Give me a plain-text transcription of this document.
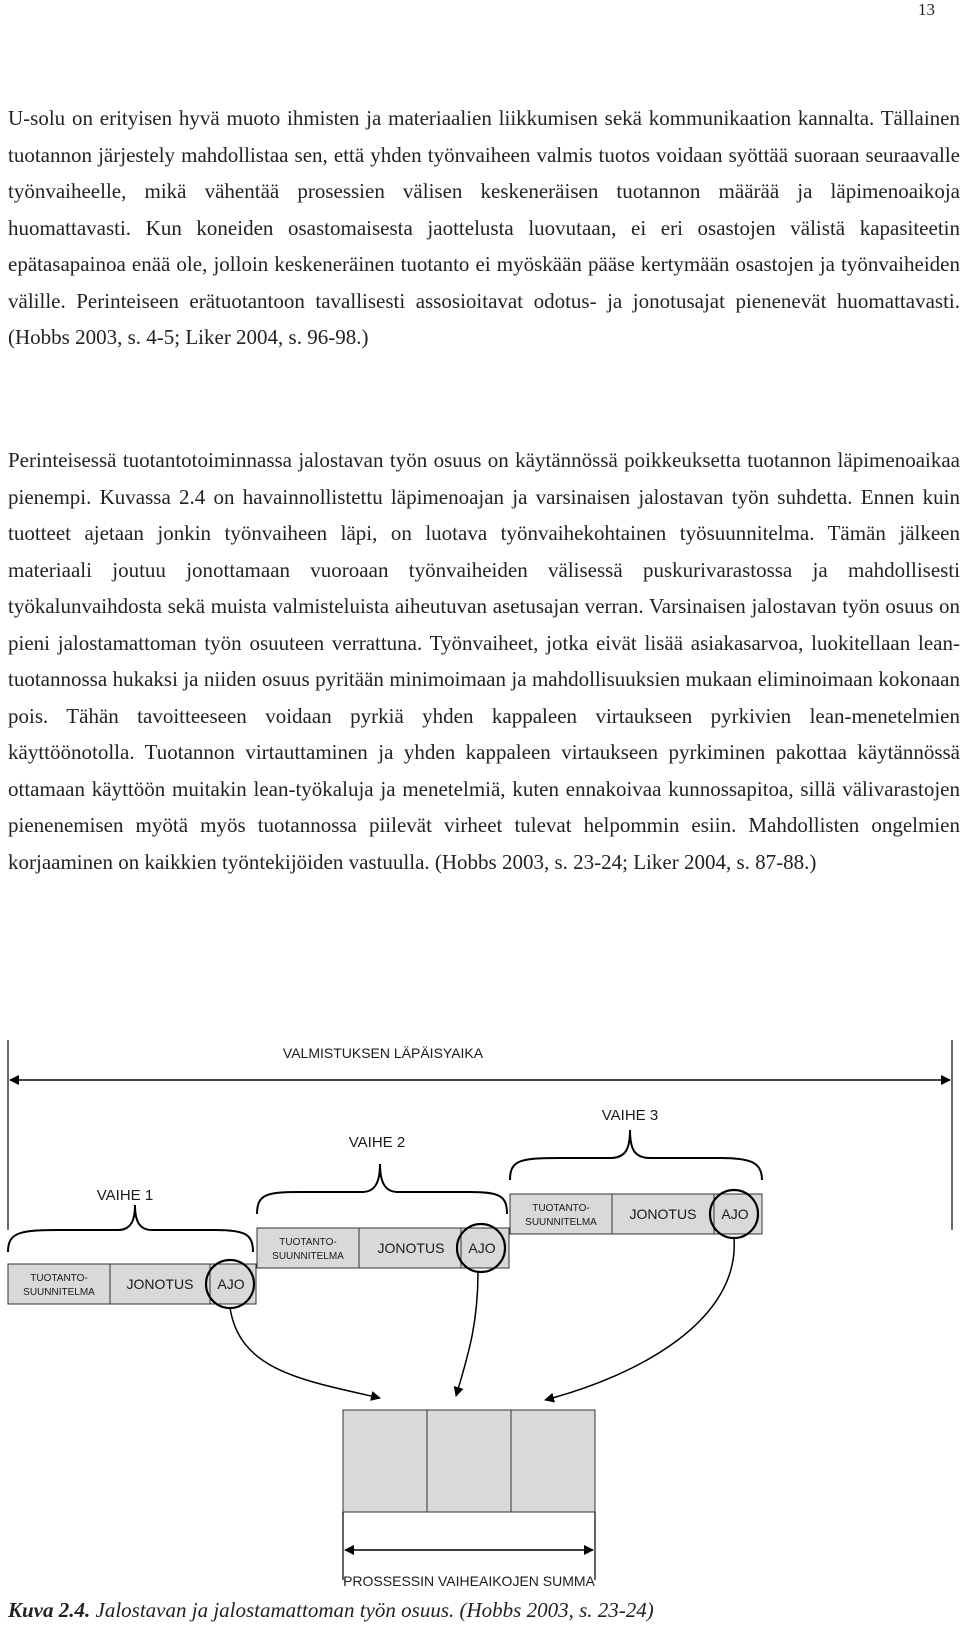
13

U-solu on erityisen hyvä muoto ihmisten ja materiaalien liikkumisen sekä kommunikaation kannalta. Tällainen tuotannon järjestely mahdollistaa sen, että yhden työnvaiheen valmis tuotos voidaan syöttää suoraan seuraavalle työnvaiheelle, mikä vähentää prosessien välisen keskeneräisen tuotannon määrää ja läpimenoaikoja huomattavasti. Kun koneiden osastomaisesta jaottelusta luovutaan, ei eri osastojen välistä kapasiteetin epätasapainoa enää ole, jolloin keskeneräinen tuotanto ei myöskään pääse kertymään osastojen ja työnvaiheiden välille. Perinteiseen erätuotantoon tavallisesti assosioitavat odotus- ja jonotusajat pienenevät huomattavasti. (Hobbs 2003, s. 4-5; Liker 2004, s. 96-98.)

Perinteisessä tuotantotoiminnassa jalostavan työn osuus on käytännössä poikkeuksetta tuotannon läpimenoaikaa pienempi. Kuvassa 2.4 on havainnollistettu läpimenoajan ja varsinaisen jalostavan työn suhdetta. Ennen kuin tuotteet ajetaan jonkin työnvaiheen läpi, on luotava työnvaihekohtainen työsuunnitelma. Tämän jälkeen materiaali joutuu jonottamaan vuoroaan työnvaiheiden välisessä puskurivarastossa ja mahdollisesti työkalunvaihdosta sekä muista valmisteluista aiheutuvan asetusajan verran. Varsinaisen jalostavan työn osuus on pieni jalostamattoman työn osuuteen verrattuna. Työnvaiheet, jotka eivät lisää asiakasarvoa, luokitellaan lean-tuotannossa hukaksi ja niiden osuus pyritään minimoimaan ja mahdollisuuksien mukaan eliminoimaan kokonaan pois. Tähän tavoitteeseen voidaan pyrkiä yhden kappaleen virtaukseen pyrkivien lean-menetelmien käyttöönotolla. Tuotannon virtauttaminen ja yhden kappaleen virtaukseen pyrkiminen pakottaa käytännössä ottamaan käyttöön muitakin lean-työkaluja ja menetelmiä, kuten ennakoivaa kunnossapitoa, sillä välivarastojen pienenemisen myötä myös tuotannossa piilevät virheet tulevat helpommin esiin. Mahdollisten ongelmien korjaaminen on kaikkien työntekijöiden vastuulla. (Hobbs 2003, s. 23-24; Liker 2004, s. 87-88.)

VALMISTUKSEN LÄPÄISYAIKA
VAIHE 3
TUOTANTO-
SUUNNITELMA
JONOTUS AJO
VAIHE 2
TUOTANTO-
SUUNNITELMA
JONOTUS AJO
VAIHE 1
TUOTANTO-
SUUNNITELMA
JONOTUS AJO
PROSSESSIN VAIHEAIKOJEN SUMMA
Kuva 2.4. Jalostavan ja jalostamattoman työn osuus. (Hobbs 2003, s. 23-24)
